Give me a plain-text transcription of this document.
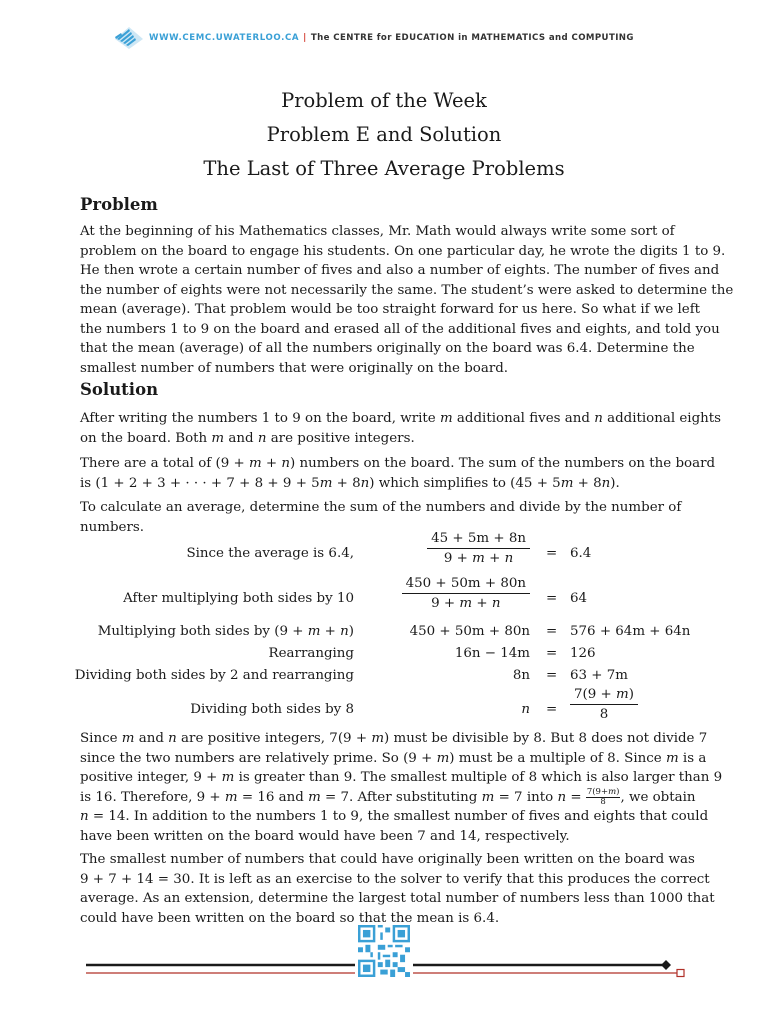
WWW.CEMC.UWATERLOO.CA | The CENTRE for EDUCATION in MATHEMATICS and COMPUTING
Problem of the Week
Problem E and Solution
The Last of Three Average Problems
Problem
At the beginning of his Mathematics classes, Mr. Math would always write some sort of
problem on the board to engage his students. On one particular day, he wrote the digits 1 to 9.
He then wrote a certain number of fives and also a number of eights. The number of fives and
the number of eights were not necessarily the same. The student’s were asked to determine the
mean (average). That problem would be too straight forward for us here. So what if we left
the numbers 1 to 9 on the board and erased all of the additional fives and eights, and told you
that the mean (average) of all the numbers originally on the board was 6.4. Determine the
smallest number of numbers that were originally on the board.
Solution
After writing the numbers 1 to 9 on the board, write m additional fives and n additional eights
on the board. Both m and n are positive integers.
There are a total of (9 + m + n) numbers on the board. The sum of the numbers on the board
is (1 + 2 + 3 + · · · + 7 + 8 + 9 + 5m + 8n) which simplifies to (45 + 5m + 8n).
To calculate an average, determine the sum of the numbers and divide by the number of
numbers.
Since the average is 6.4,	$\frac{45 + 5m + 8n}{9 + m + n} = 6.4$
After multiplying both sides by 10	$\frac{450 + 50m + 80n}{9 + m + n} = 64$
Multiplying both sides by (9 + m + n)	450 + 50m + 80n = 576 + 64m + 64n
Rearranging	16n − 14m = 126
Dividing both sides by 2 and rearranging	8n = 63 + 7m
Dividing both sides by 8	$n = \frac{7(9 + m)}{8}$
Since m and n are positive integers, 7(9 + m) must be divisible by 8. But 8 does not divide 7
since the two numbers are relatively prime. So (9 + m) must be a multiple of 8. Since m is a
positive integer, 9 + m is greater than 9. The smallest multiple of 8 which is also larger than 9
is 16. Therefore, 9 + m = 16 and m = 7. After substituting m = 7 into $n = \frac{7(9+m)}{8}$ , we obtain
n = 14. In addition to the numbers 1 to 9, the smallest number of fives and eights that could
have been written on the board would have been 7 and 14, respectively.
The smallest number of numbers that could have originally been written on the board was
9 + 7 + 14 = 30. It is left as an exercise to the solver to verify that this produces the correct
average. As an extension, determine the largest total number of numbers less than 1000 that
could have been written on the board so that the mean is 6.4.
